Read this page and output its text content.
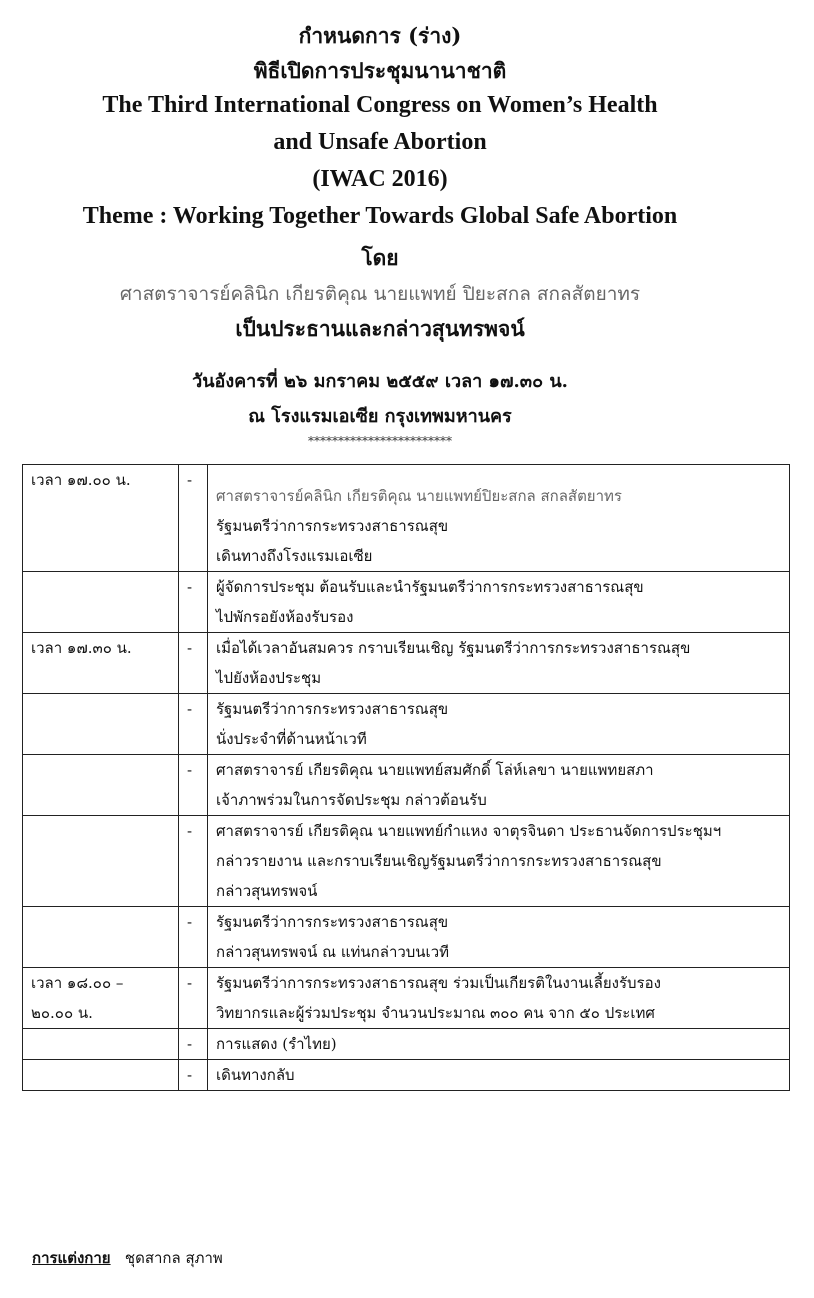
กำหนดการ (ร่าง)
พิธีเปิดการประชุมนานาชาติ
The Third International Congress on Women’s Health
and Unsafe Abortion
(IWAC 2016)
Theme : Working Together Towards Global Safe Abortion
โดย
ศาสตราจารย์คลินิก เกียรติคุณ นายแพทย์ ปิยะสกล สกลสัตยาทร
เป็นประธานและกล่าวสุนทรพจน์
วันอังคารที่ ๒๖ มกราคม ๒๕๕๙ เวลา ๑๗.๓๐ น.
ณ โรงแรมเอเซีย กรุงเทพมหานคร
************************
เวลา ๑๗.๐๐ น.	-	ศาสตราจารย์คลินิก เกียรติคุณ นายแพทย์ปิยะสกล สกลสัตยาทร
รัฐมนตรีว่าการกระทรวงสาธารณสุข
เดินทางถึงโรงแรมเอเซีย

	-	ผู้จัดการประชุม ต้อนรับและนำรัฐมนตรีว่าการกระทรวงสาธารณสุข
ไปพักรอยังห้องรับรอง

เวลา ๑๗.๓๐ น.	-	เมื่อได้เวลาอันสมควร กราบเรียนเชิญ รัฐมนตรีว่าการกระทรวงสาธารณสุข
ไปยังห้องประชุม

	-	รัฐมนตรีว่าการกระทรวงสาธารณสุข
นั่งประจำที่ด้านหน้าเวที

	-	ศาสตราจารย์ เกียรติคุณ นายแพทย์สมศักดิ์ โล่ห์เลขา นายแพทยสภา
เจ้าภาพร่วมในการจัดประชุม กล่าวต้อนรับ

	-	ศาสตราจารย์ เกียรติคุณ นายแพทย์กำแหง จาตุรจินดา ประธานจัดการประชุมฯ
กล่าวรายงาน และกราบเรียนเชิญรัฐมนตรีว่าการกระทรวงสาธารณสุข
กล่าวสุนทรพจน์

	-	รัฐมนตรีว่าการกระทรวงสาธารณสุข
กล่าวสุนทรพจน์ ณ แท่นกล่าวบนเวที

เวลา ๑๘.๐๐ –
๒๐.๐๐ น.	-	รัฐมนตรีว่าการกระทรวงสาธารณสุข ร่วมเป็นเกียรติในงานเลี้ยงรับรอง
วิทยากรและผู้ร่วมประชุม จำนวนประมาณ ๓๐๐ คน จาก ๕๐ ประเทศ

	-	การแสดง (รำไทย)

	-	เดินทางกลับ
การแต่งกาย ชุดสากล สุภาพ
